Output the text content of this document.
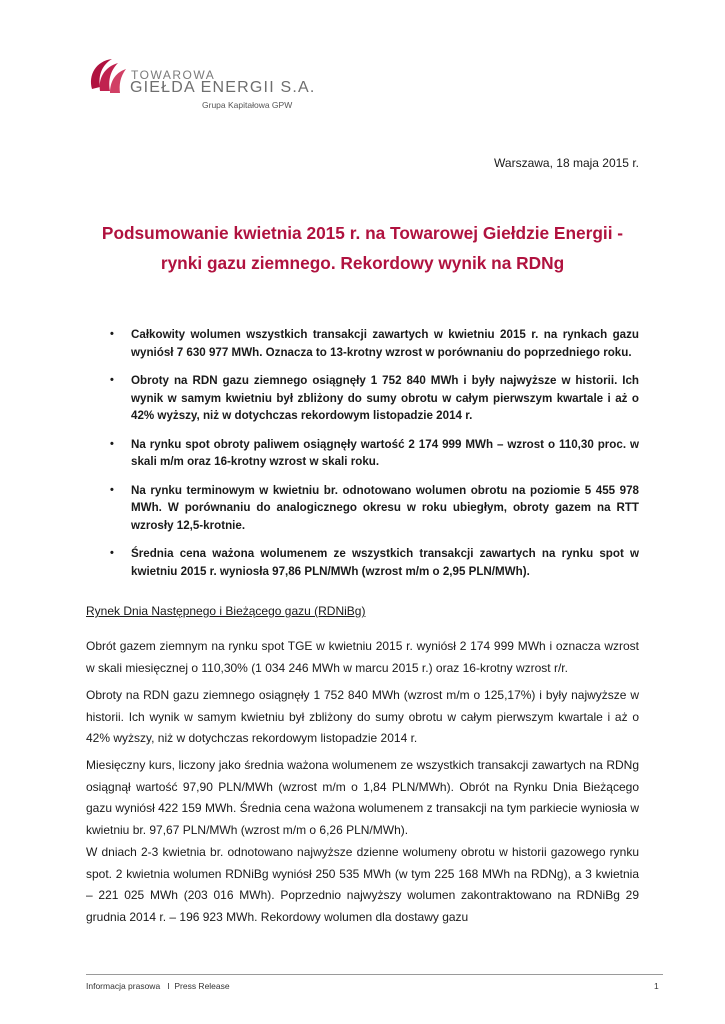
TOWAROWA
GIEŁDA ENERGII S.A.
Grupa Kapitałowa GPW
Warszawa, 18 maja 2015 r.
Podsumowanie kwietnia 2015 r. na Towarowej Giełdzie Energii -
rynki gazu ziemnego. Rekordowy wynik na RDNg
• Całkowity wolumen wszystkich transakcji zawartych w kwietniu 2015 r. na rynkach gazu wyniósł 7 630 977 MWh. Oznacza to 13-krotny wzrost w porównaniu do poprzedniego roku.
• Obroty na RDN gazu ziemnego osiągnęły 1 752 840 MWh i były najwyższe w historii. Ich wynik w samym kwietniu był zbliżony do sumy obrotu w całym pierwszym kwartale i aż o 42% wyższy, niż w dotychczas rekordowym listopadzie 2014 r.
• Na rynku spot obroty paliwem osiągnęły wartość 2 174 999 MWh – wzrost o 110,30 proc. w skali m/m oraz 16-krotny wzrost w skali roku.
• Na rynku terminowym w kwietniu br. odnotowano wolumen obrotu na poziomie 5 455 978 MWh. W porównaniu do analogicznego okresu w roku ubiegłym, obroty gazem na RTT wzrosły 12,5-krotnie.
• Średnia cena ważona wolumenem ze wszystkich transakcji zawartych na rynku spot w kwietniu 2015 r. wyniosła 97,86 PLN/MWh (wzrost m/m o 2,95 PLN/MWh).
Rynek Dnia Następnego i Bieżącego gazu (RDNiBg)

Obrót gazem ziemnym na rynku spot TGE w kwietniu 2015 r. wyniósł 2 174 999 MWh i oznacza wzrost w skali miesięcznej o 110,30% (1 034 246 MWh w marcu 2015 r.) oraz 16-krotny wzrost r/r.

Obroty na RDN gazu ziemnego osiągnęły 1 752 840 MWh (wzrost m/m o 125,17%) i były najwyższe w historii. Ich wynik w samym kwietniu był zbliżony do sumy obrotu w całym pierwszym kwartale i aż o 42% wyższy, niż w dotychczas rekordowym listopadzie 2014 r.

Miesięczny kurs, liczony jako średnia ważona wolumenem ze wszystkich transakcji zawartych na RDNg osiągnął wartość 97,90 PLN/MWh (wzrost m/m o 1,84 PLN/MWh). Obrót na Rynku Dnia Bieżącego gazu wyniósł 422 159 MWh. Średnia cena ważona wolumenem z transakcji na tym parkiecie wyniosła w kwietniu br. 97,67 PLN/MWh (wzrost m/m o 6,26 PLN/MWh).

W dniach 2-3 kwietnia br. odnotowano najwyższe dzienne wolumeny obrotu w historii gazowego rynku spot. 2 kwietnia wolumen RDNiBg wyniósł 250 535 MWh (w tym 225 168 MWh na RDNg), a 3 kwietnia – 221 025 MWh (203 016 MWh). Poprzednio najwyższy wolumen zakontraktowano na RDNiBg 29 grudnia 2014 r. – 196 923 MWh. Rekordowy wolumen dla dostawy gazu

Informacja prasowa   I  Press Release	1
